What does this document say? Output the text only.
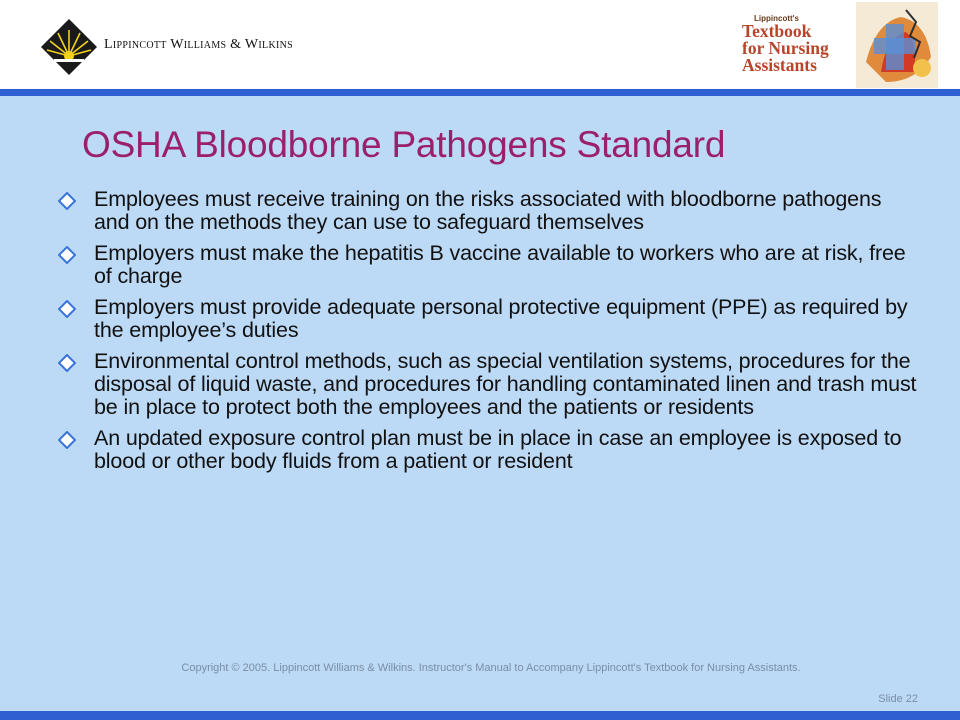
Lippincott Williams & Wilkins
Lippincott's
Textbook
for Nursing
Assistants
OSHA Bloodborne Pathogens Standard
Employees must receive training on the risks associated with bloodborne pathogens and on the methods they can use to safeguard themselves
Employers must make the hepatitis B vaccine available to workers who are at risk, free of charge
Employers must provide adequate personal protective equipment (PPE) as required by the employee’s duties
Environmental control methods, such as special ventilation systems, procedures for the disposal of liquid waste, and procedures for handling contaminated linen and trash must be in place to protect both the employees and the patients or residents
An updated exposure control plan must be in place in case an employee is exposed to blood or other body fluids from a patient or resident
Copyright © 2005. Lippincott Williams & Wilkins. Instructor's Manual to Accompany Lippincott's Textbook for Nursing Assistants.
Slide 22
